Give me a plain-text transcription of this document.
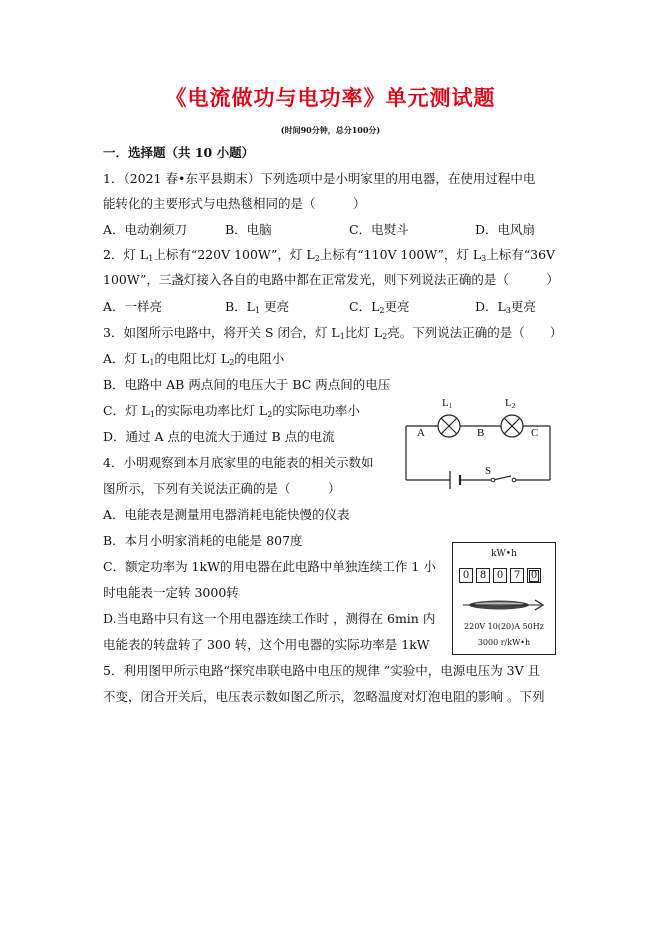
《电流做功与电功率》单元测试题
(时间90分钟，总分100分)
一．选择题（共 10 小题）
1．（2021 春•东平县期末）下列选项中是小明家里的用电器，在使用过程中电
能转化的主要形式与电热毯相同的是（　　　）
A．电动剃须刀	B．电脑	C．电熨斗	D．电风扇
2．灯 $L_1$上标有“220V 100W”，灯 $L_2$上标有“110V 100W”，灯 $L_3$上标有“36V
100W”，三盏灯接入各自的电路中都在正常发光，则下列说法正确的是（　　　）
A．一样亮	B．$L_1$ 更亮	C．$L_2$更亮	D．$L_3$更亮
3．如图所示电路中，将开关 S 闭合，灯 $L_1$比灯 $L_2$亮。下列说法正确的是（　　）
A．灯 $L_1$的电阻比灯 $L_2$的电阻小
B．电路中 AB 两点间的电压大于 BC 两点间的电压
C．灯 $L_1$的实际电功率比灯 $L_2$的实际电功率小
D．通过 A 点的电流大于通过 B 点的电流
L1	L2
A	B	C
S
4．小明观察到本月底家里的电能表的相关示数如
图所示，下列有关说法正确的是（　　　）
A．电能表是测量用电器消耗电能快慢的仪表
B．本月小明家消耗的电能是 807度
C．额定功率为 1kW的用电器在此电路中单独连续工作 1 小
时电能表一定转 3000转
D.当电路中只有这一个用电器连续工作时 ，测得在 6min 内
电能表的转盘转了 300 转，这个用电器的实际功率是 1kW
kW•h
0	8	0	7	0
220V 10(20)A 50Hz
3000 r/kW•h
5．利用图甲所示电路“探究串联电路中电压的规律 ”实验中，电源电压为 3V 且
不变，闭合开关后，电压表示数如图乙所示，忽略温度对灯泡电阻的影响 。下列
